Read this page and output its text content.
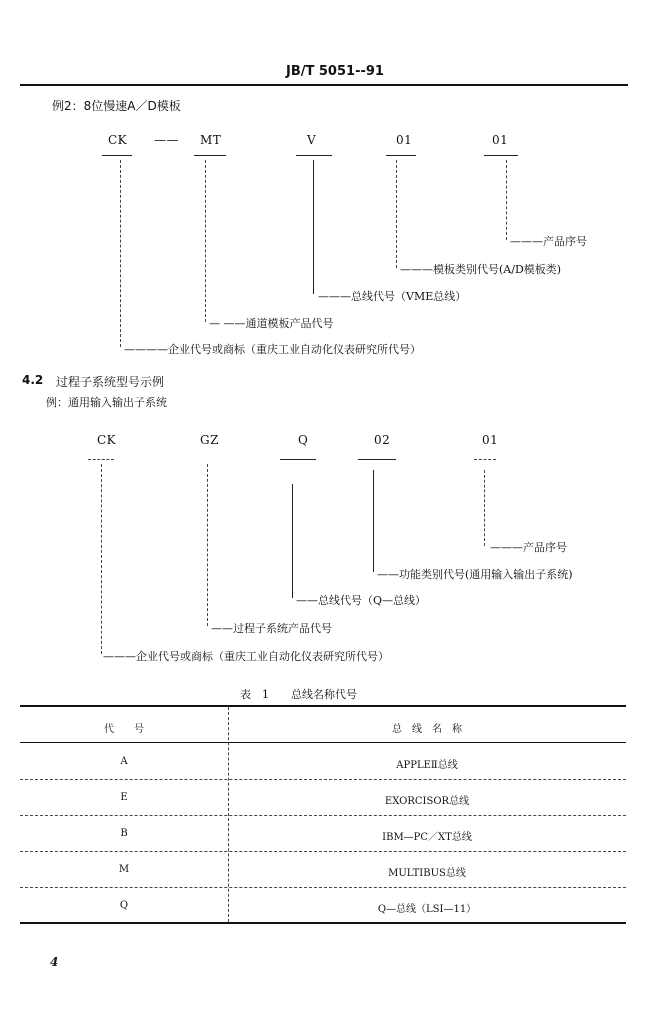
JB/T 5051--91
例2：8位慢速A／D模板
CK —— MT	V	01	01
———产品序号
———模板类别代号(A/D模板类)
———总线代号（VME总线）
— ——通道模板产品代号
————企业代号或商标（重庆工业自动化仪表研究所代号）
4.2 过程子系统型号示例
例：通用输入输出子系统
CK	GZ	Q	02	01
———产品序号
——功能类别代号(通用输入输出子系统)
——总线代号（Q—总线）
——过程子系统产品代号
———企业代号或商标（重庆工业自动化仪表研究所代号）
表　1　　总线名称代号
代　　号	总　线　名　称
A	APPLEⅡ总线
E	EXORCISOR总线
B	IBM—PC／XT总线
M	MULTIBUS总线
Q	Q—总线（LSI—11）
4
